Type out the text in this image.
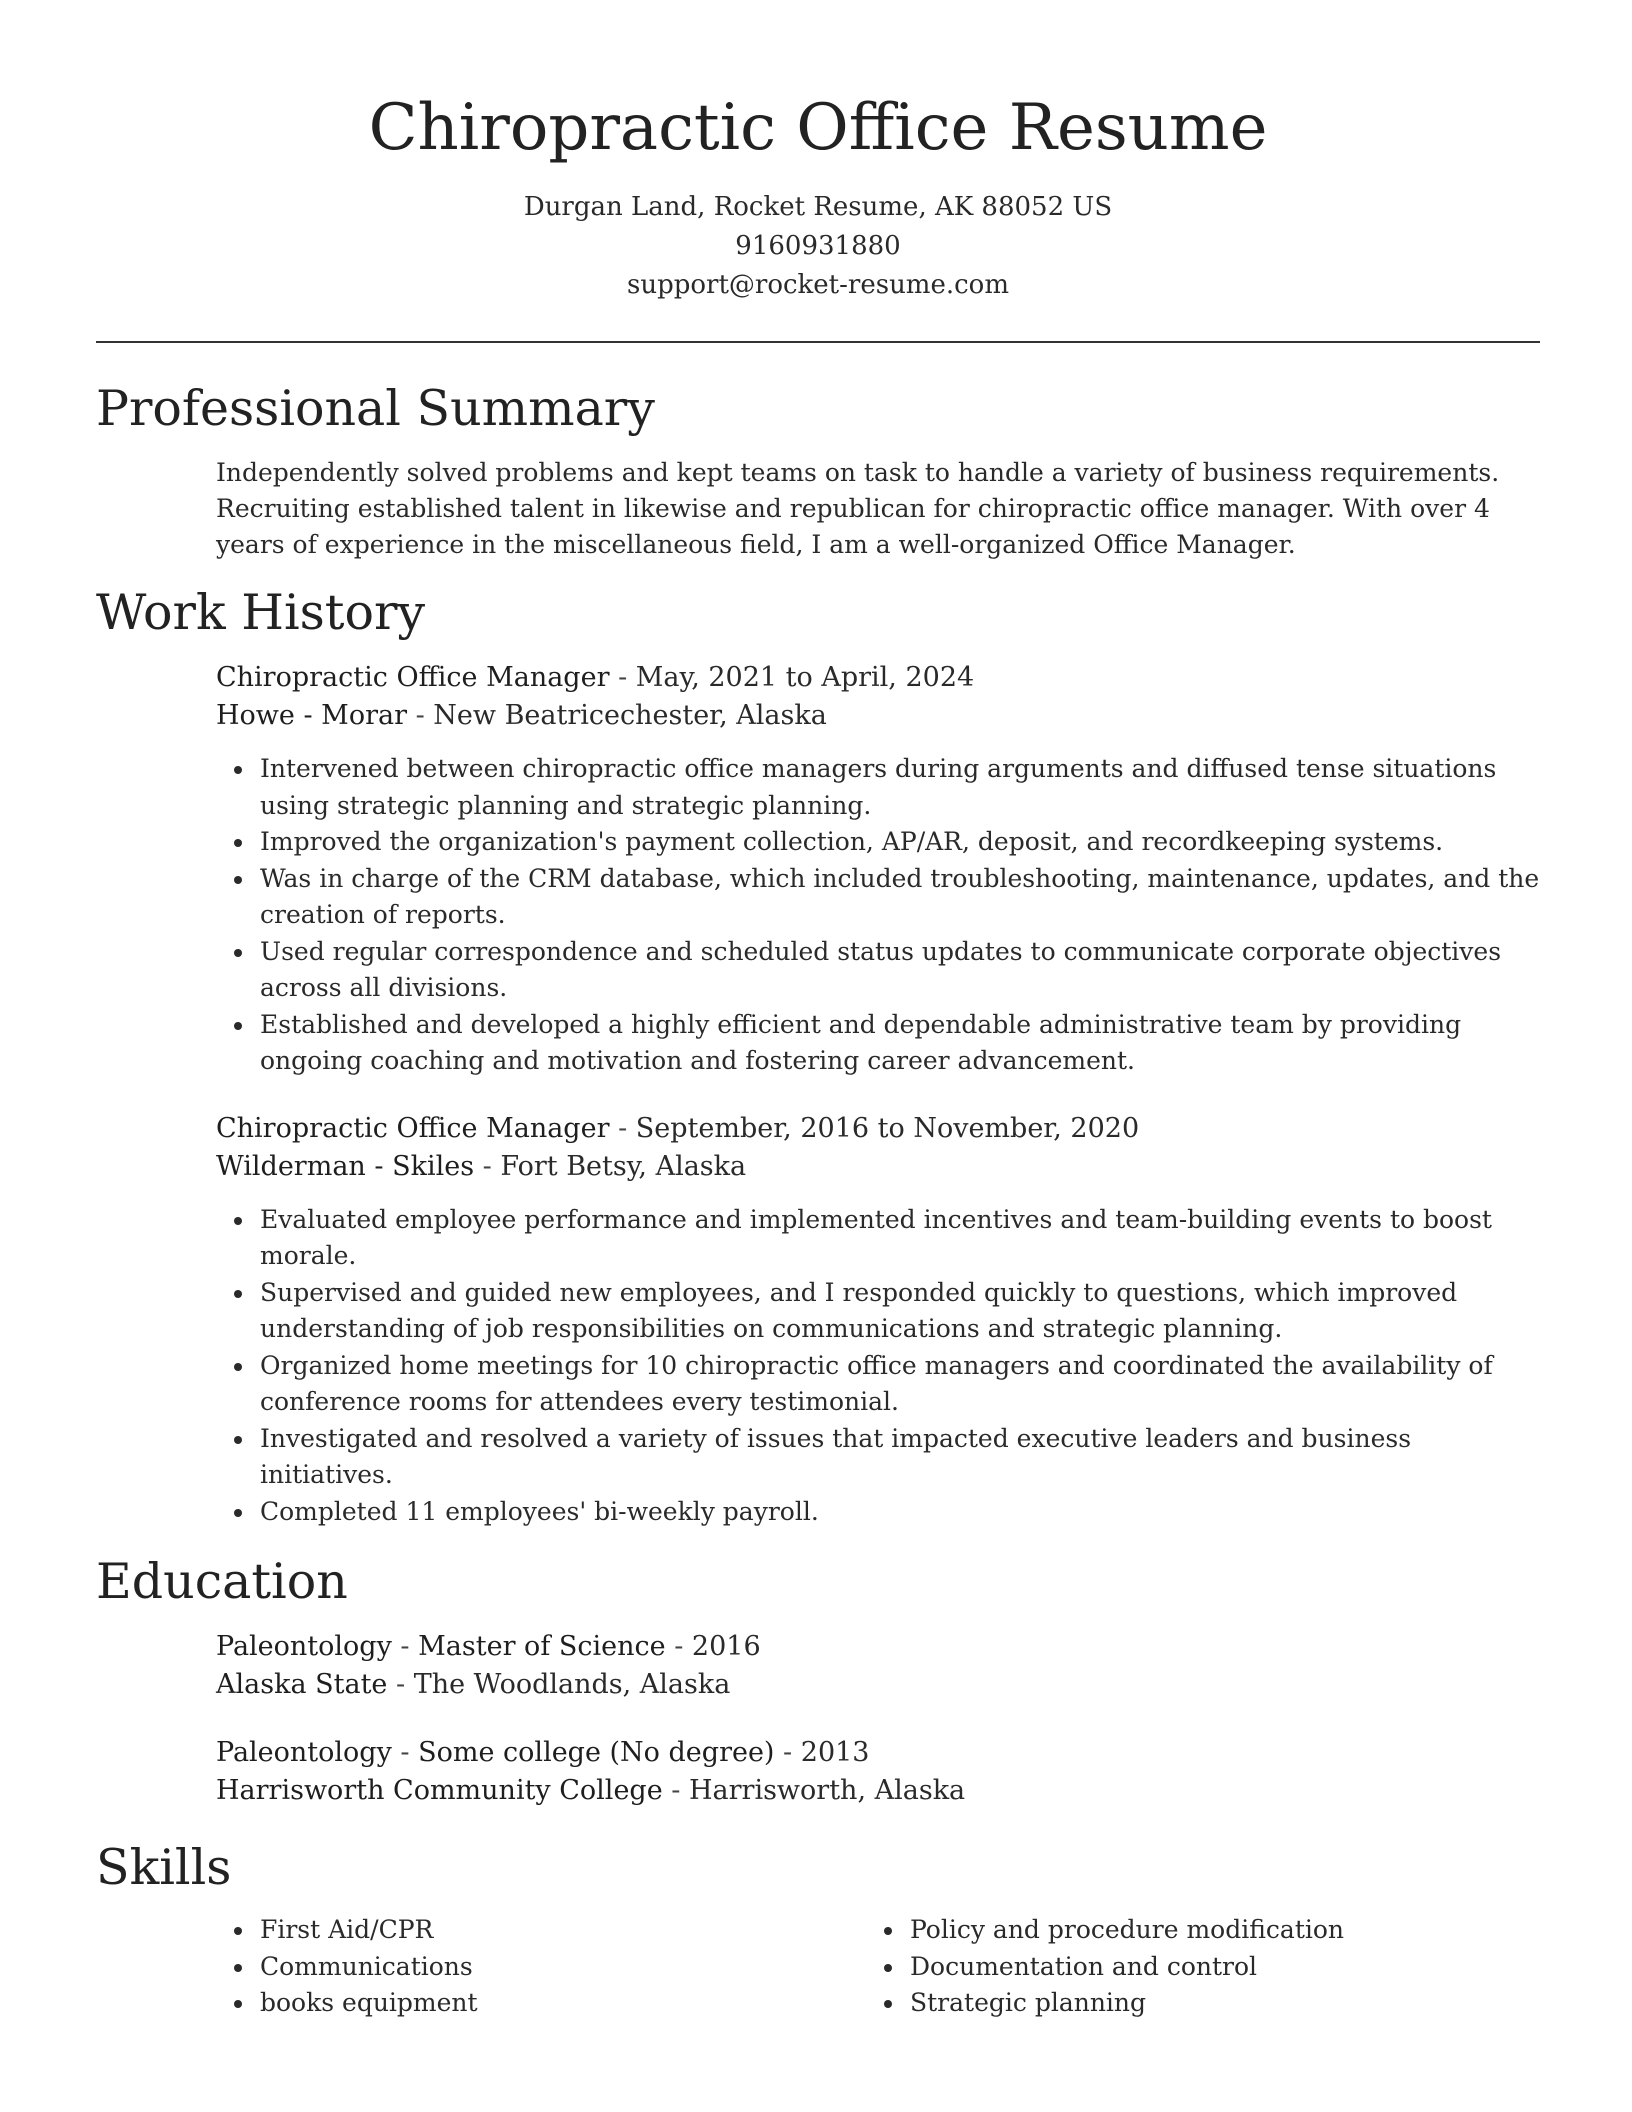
Chiropractic Office Resume
Durgan Land, Rocket Resume, AK 88052 US
9160931880
support@rocket-resume.com
Professional Summary

Independently solved problems and kept teams on task to handle a variety of business requirements. Recruiting established talent in likewise and republican for chiropractic office manager. With over 4 years of experience in the miscellaneous field, I am a well-organized Office Manager.

Work History
Chiropractic Office Manager - May, 2021 to April, 2024
Howe - Morar - New Beatricechester, Alaska
Intervened between chiropractic office managers during arguments and diffused tense situations using strategic planning and strategic planning.
Improved the organization's payment collection, AP/AR, deposit, and recordkeeping systems.
Was in charge of the CRM database, which included troubleshooting, maintenance, updates, and the creation of reports.
Used regular correspondence and scheduled status updates to communicate corporate objectives across all divisions.
Established and developed a highly efficient and dependable administrative team by providing ongoing coaching and motivation and fostering career advancement.
Chiropractic Office Manager - September, 2016 to November, 2020
Wilderman - Skiles - Fort Betsy, Alaska
Evaluated employee performance and implemented incentives and team-building events to boost morale.
Supervised and guided new employees, and I responded quickly to questions, which improved understanding of job responsibilities on communications and strategic planning.
Organized home meetings for 10 chiropractic office managers and coordinated the availability of conference rooms for attendees every testimonial.
Investigated and resolved a variety of issues that impacted executive leaders and business initiatives.
Completed 11 employees' bi-weekly payroll.
Education
Paleontology - Master of Science - 2016
Alaska State - The Woodlands, Alaska
Paleontology - Some college (No degree) - 2013
Harrisworth Community College - Harrisworth, Alaska
Skills
First Aid/CPR
Communications
books equipment
Policy and procedure modification
Documentation and control
Strategic planning
